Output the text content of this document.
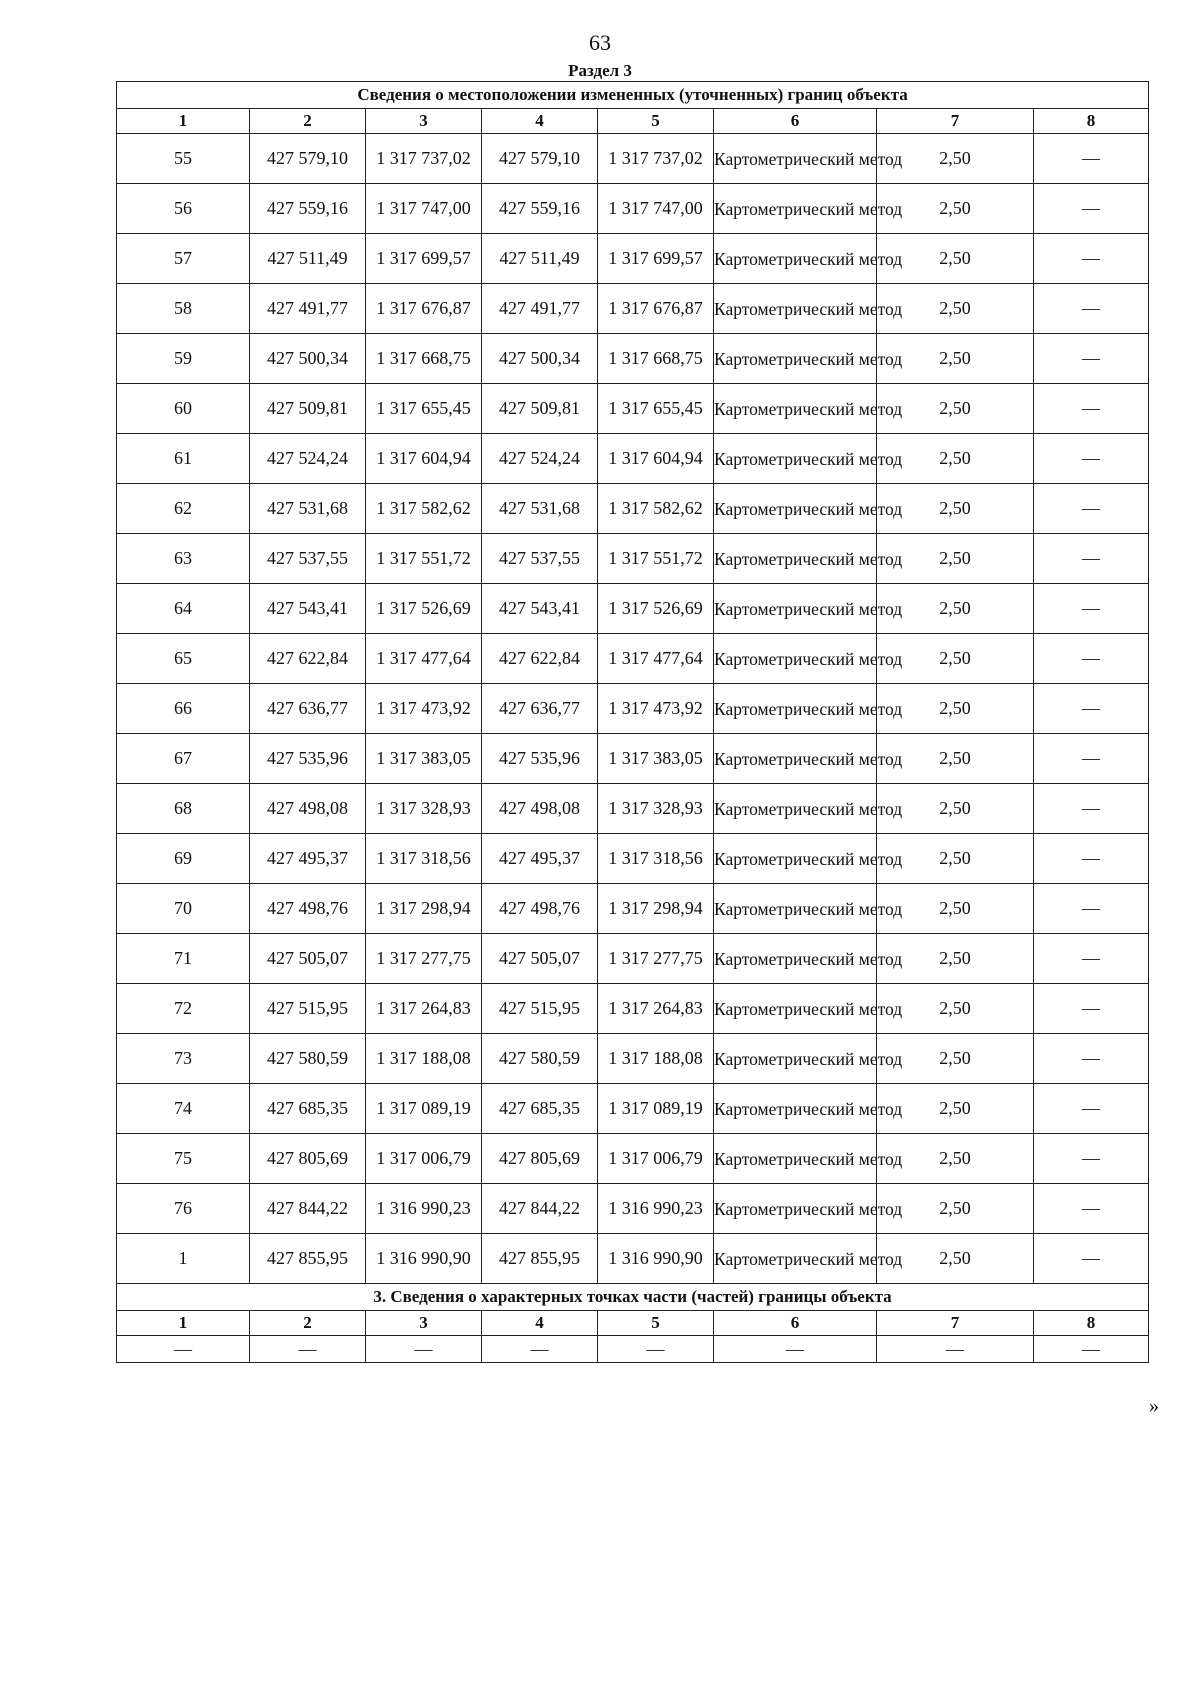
63
Раздел 3
Сведения о местоположении измененных (уточненных) границ объекта							
1	2	3	4	5	6	7	8
55	427 579,10	1 317 737,02	427 579,10	1 317 737,02	Картометрический метод	2,50	—
56	427 559,16	1 317 747,00	427 559,16	1 317 747,00	Картометрический метод	2,50	—
57	427 511,49	1 317 699,57	427 511,49	1 317 699,57	Картометрический метод	2,50	—
58	427 491,77	1 317 676,87	427 491,77	1 317 676,87	Картометрический метод	2,50	—
59	427 500,34	1 317 668,75	427 500,34	1 317 668,75	Картометрический метод	2,50	—
60	427 509,81	1 317 655,45	427 509,81	1 317 655,45	Картометрический метод	2,50	—
61	427 524,24	1 317 604,94	427 524,24	1 317 604,94	Картометрический метод	2,50	—
62	427 531,68	1 317 582,62	427 531,68	1 317 582,62	Картометрический метод	2,50	—
63	427 537,55	1 317 551,72	427 537,55	1 317 551,72	Картометрический метод	2,50	—
64	427 543,41	1 317 526,69	427 543,41	1 317 526,69	Картометрический метод	2,50	—
65	427 622,84	1 317 477,64	427 622,84	1 317 477,64	Картометрический метод	2,50	—
66	427 636,77	1 317 473,92	427 636,77	1 317 473,92	Картометрический метод	2,50	—
67	427 535,96	1 317 383,05	427 535,96	1 317 383,05	Картометрический метод	2,50	—
68	427 498,08	1 317 328,93	427 498,08	1 317 328,93	Картометрический метод	2,50	—
69	427 495,37	1 317 318,56	427 495,37	1 317 318,56	Картометрический метод	2,50	—
70	427 498,76	1 317 298,94	427 498,76	1 317 298,94	Картометрический метод	2,50	—
71	427 505,07	1 317 277,75	427 505,07	1 317 277,75	Картометрический метод	2,50	—
72	427 515,95	1 317 264,83	427 515,95	1 317 264,83	Картометрический метод	2,50	—
73	427 580,59	1 317 188,08	427 580,59	1 317 188,08	Картометрический метод	2,50	—
74	427 685,35	1 317 089,19	427 685,35	1 317 089,19	Картометрический метод	2,50	—
75	427 805,69	1 317 006,79	427 805,69	1 317 006,79	Картометрический метод	2,50	—
76	427 844,22	1 316 990,23	427 844,22	1 316 990,23	Картометрический метод	2,50	—
1	427 855,95	1 316 990,90	427 855,95	1 316 990,90	Картометрический метод	2,50	—
3. Сведения о характерных точках части (частей) границы объекта							
1	2	3	4	5	6	7	8
—	—	—	—	—	—	—	—
»
